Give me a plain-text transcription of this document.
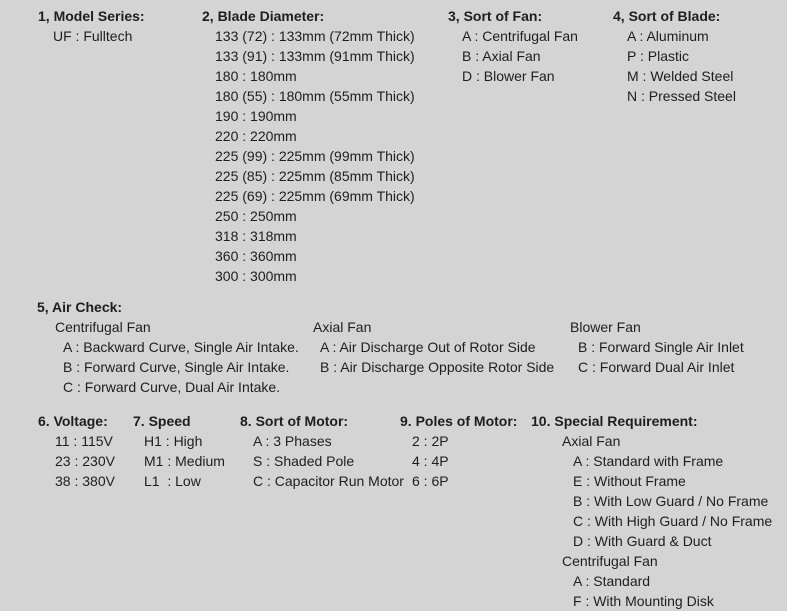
1, Model Series:
UF : Fulltech
2, Blade Diameter:
133 (72) : 133mm (72mm Thick)
133 (91) : 133mm (91mm Thick)
180 : 180mm
180 (55) : 180mm (55mm Thick)
190 : 190mm
220 : 220mm
225 (99) : 225mm (99mm Thick)
225 (85) : 225mm (85mm Thick)
225 (69) : 225mm (69mm Thick)
250 : 250mm
318 : 318mm
360 : 360mm
300 : 300mm
3, Sort of Fan:
A : Centrifugal Fan
B : Axial Fan
D : Blower Fan
4, Sort of Blade:
A : Aluminum
P : Plastic
M : Welded Steel
N : Pressed Steel
5, Air Check:
Centrifugal Fan
A : Backward Curve, Single Air Intake.
B : Forward Curve, Single Air Intake.
C : Forward Curve, Dual Air Intake.
Axial Fan
A : Air Discharge Out of Rotor Side
B : Air Discharge Opposite Rotor Side
Blower Fan
B : Forward Single Air Inlet
C : Forward Dual Air Inlet
6. Voltage:
11 : 115V
23 : 230V
38 : 380V
7. Speed
H1 : High
M1 : Medium
L1  : Low
8. Sort of Motor:
A : 3 Phases
S : Shaded Pole
C : Capacitor Run Motor
9. Poles of Motor:
2 : 2P
4 : 4P
6 : 6P
10. Special Requirement:
Axial Fan
A : Standard with Frame
E : Without Frame
B : With Low Guard / No Frame
C : With High Guard / No Frame
D : With Guard & Duct
Centrifugal Fan
A : Standard
F : With Mounting Disk
